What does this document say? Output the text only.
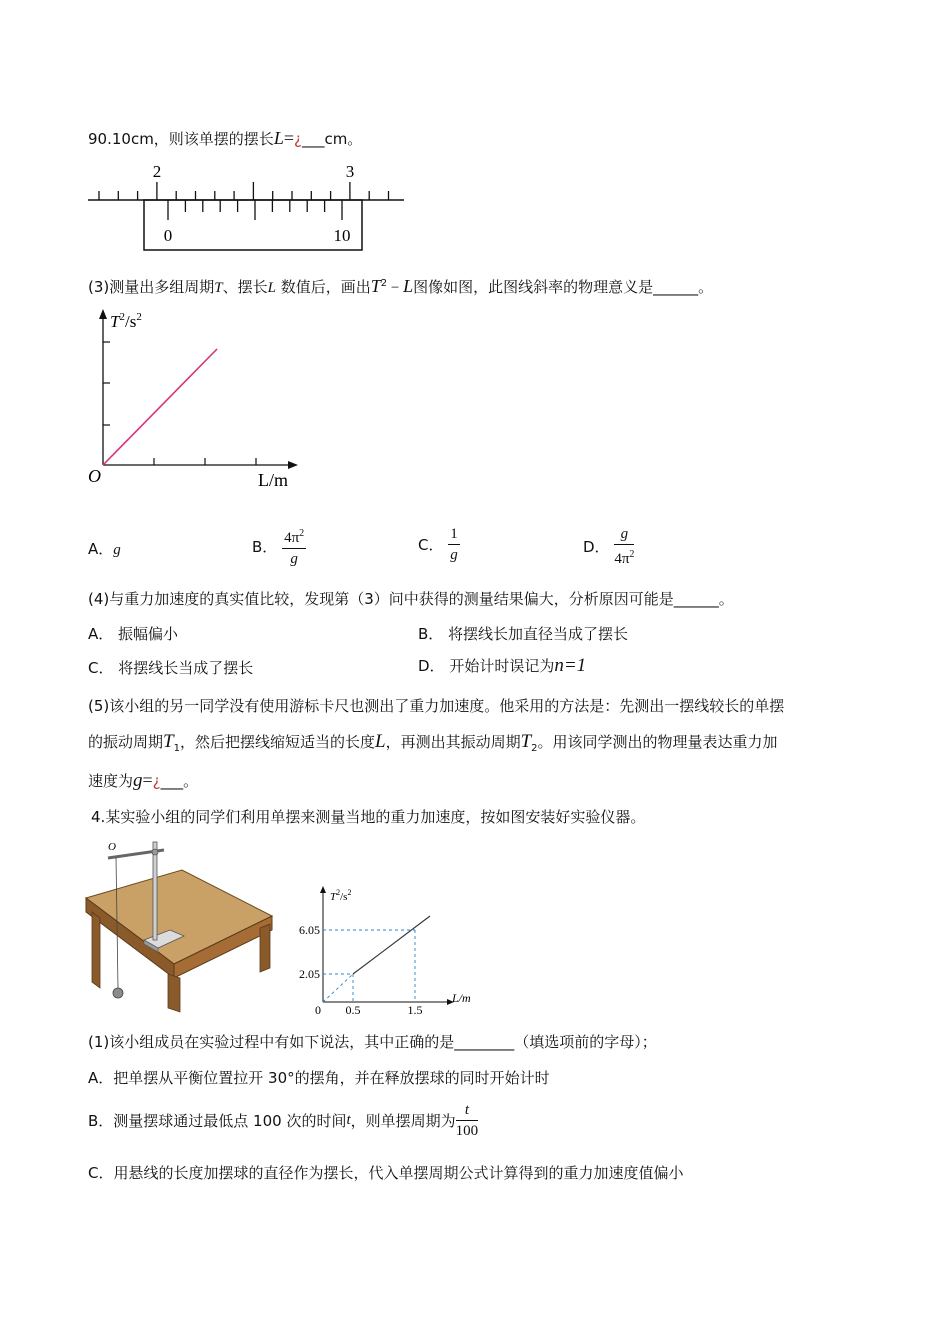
90.10cm，则该单摆的摆长L=¿___cm。
2	3
0	10
(3)测量出多组周期T、摆长L 数值后，画出$T^2 - L$图像如图，此图线斜率的物理意义是______。
$T^2/s^2$
O	L/m
A．g	B． $\frac{4\pi^2}{g}$	C． $\frac{1}{g}$	D． $\frac{g}{4\pi^2}$
(4)与重力加速度的真实值比较，发现第（3）问中获得的测量结果偏大，分析原因可能是______。
A． 振幅偏小	B． 将摆线长加直径当成了摆长
C． 将摆线长当成了摆长	D． 开始计时误记为n=1
(5)该小组的另一同学没有使用游标卡尺也测出了重力加速度。他采用的方法是：先测出一摆线较长的单摆
的振动周期$T_1$，然后把摆线缩短适当的长度L，再测出其振动周期$T_2$。用该同学测出的物理量表达重力加
速度为g=¿___。
4.某实验小组的同学们利用单摆来测量当地的重力加速度，按如图安装好实验仪器。
O
$T^2/s^2$
6.05
2.05
0 0.5	1.5
L/m
(1)该小组成员在实验过程中有如下说法，其中正确的是________（填选项前的字母）；
A．把单摆从平衡位置拉开 30°的摆角，并在释放摆球的同时开始计时
B．测量摆球通过最低点 100 次的时间t，则单摆周期为 $\frac{t}{100}$
C．用悬线的长度加摆球的直径作为摆长，代入单摆周期公式计算得到的重力加速度值偏小
